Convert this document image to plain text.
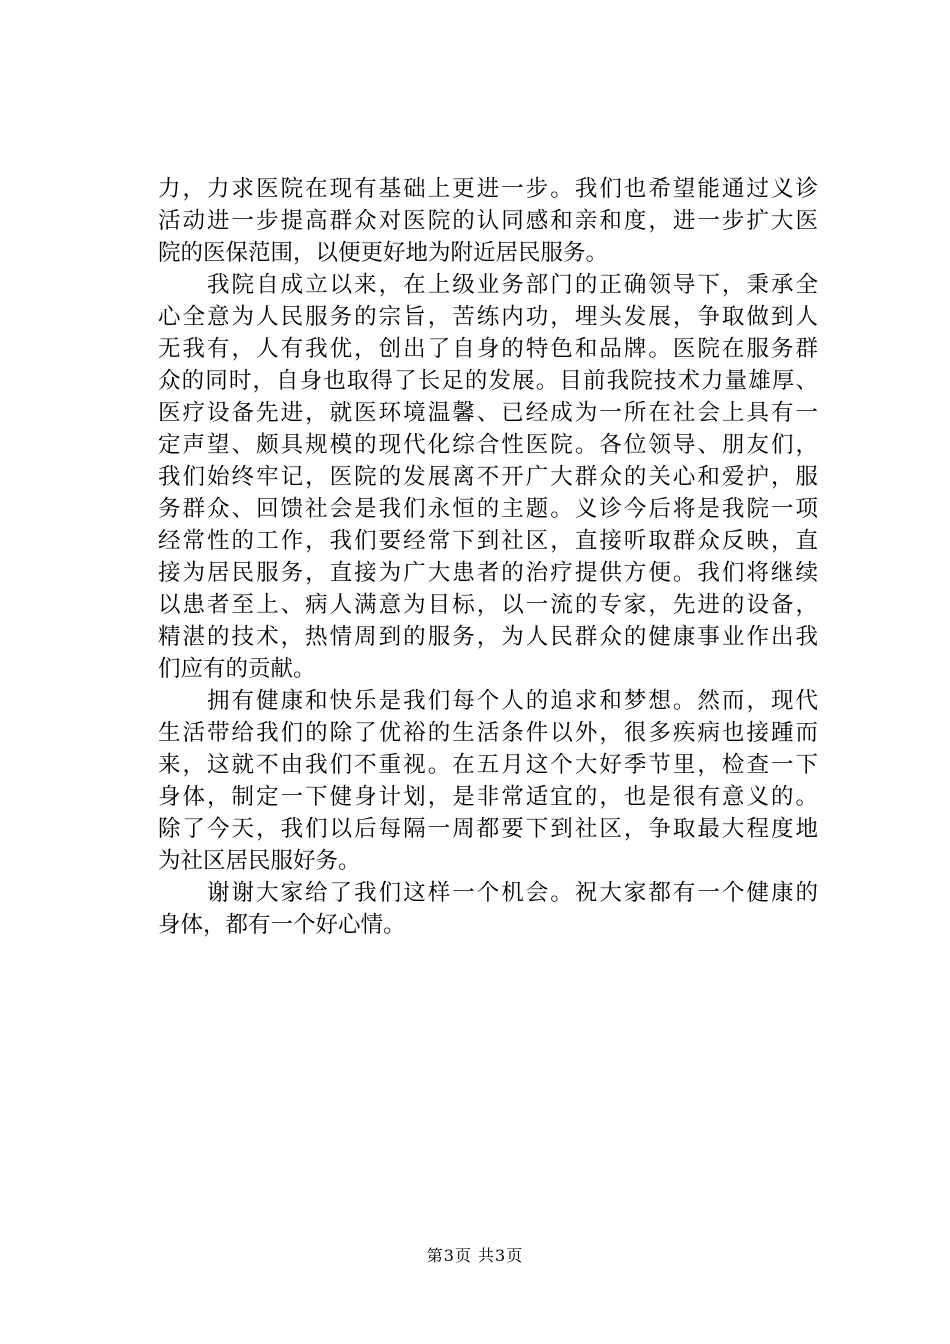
力，力求医院在现有基础上更进一步。我们也希望能通过义诊
活动进一步提高群众对医院的认同感和亲和度，进一步扩大医
院的医保范围，以便更好地为附近居民服务。
　　我院自成立以来，在上级业务部门的正确领导下，秉承全
心全意为人民服务的宗旨，苦练内功，埋头发展，争取做到人
无我有，人有我优，创出了自身的特色和品牌。医院在服务群
众的同时，自身也取得了长足的发展。目前我院技术力量雄厚、
医疗设备先进，就医环境温馨、已经成为一所在社会上具有一
定声望、颇具规模的现代化综合性医院。各位领导、朋友们，
我们始终牢记，医院的发展离不开广大群众的关心和爱护，服
务群众、回馈社会是我们永恒的主题。义诊今后将是我院一项
经常性的工作，我们要经常下到社区，直接听取群众反映，直
接为居民服务，直接为广大患者的治疗提供方便。我们将继续
以患者至上、病人满意为目标，以一流的专家，先进的设备，
精湛的技术，热情周到的服务，为人民群众的健康事业作出我
们应有的贡献。
　　拥有健康和快乐是我们每个人的追求和梦想。然而，现代
生活带给我们的除了优裕的生活条件以外，很多疾病也接踵而
来，这就不由我们不重视。在五月这个大好季节里，检查一下
身体，制定一下健身计划，是非常适宜的，也是很有意义的。
除了今天，我们以后每隔一周都要下到社区，争取最大程度地
为社区居民服好务。
　　谢谢大家给了我们这样一个机会。祝大家都有一个健康的
身体，都有一个好心情。
第3页 共3页
